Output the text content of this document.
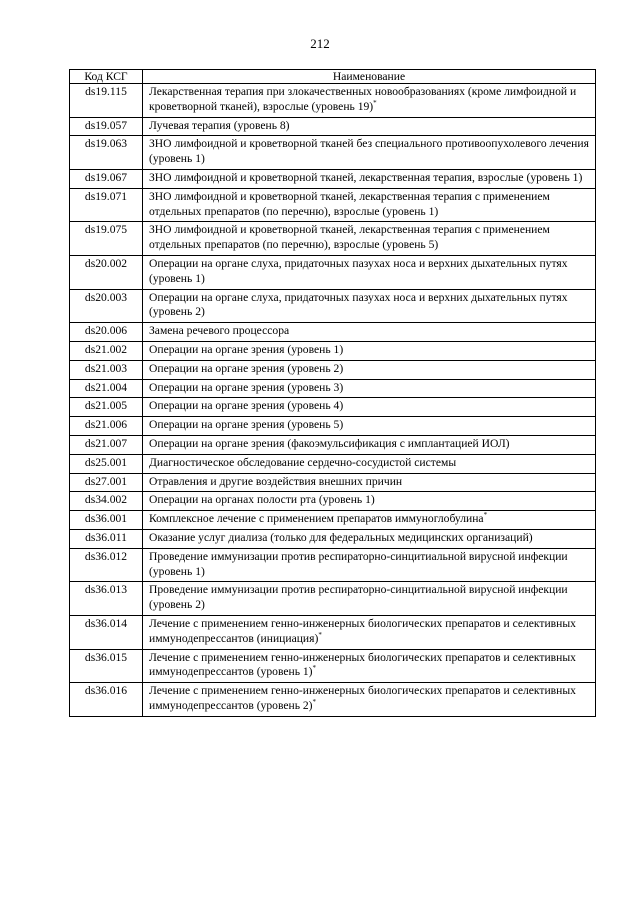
212
Код КСГ	Наименование
ds19.115	Лекарственная терапия при злокачественных новообразованиях (кроме лимфоидной и кроветворной тканей), взрослые (уровень 19)*
ds19.057	Лучевая терапия (уровень 8)
ds19.063	ЗНО лимфоидной и кроветворной тканей без специального противоопухолевого лечения (уровень 1)
ds19.067	ЗНО лимфоидной и кроветворной тканей, лекарственная терапия, взрослые (уровень 1)
ds19.071	ЗНО лимфоидной и кроветворной тканей, лекарственная терапия с применением отдельных препаратов (по перечню), взрослые (уровень 1)
ds19.075	ЗНО лимфоидной и кроветворной тканей, лекарственная терапия с применением отдельных препаратов (по перечню), взрослые (уровень 5)
ds20.002	Операции на органе слуха, придаточных пазухах носа и верхних дыхательных путях (уровень 1)
ds20.003	Операции на органе слуха, придаточных пазухах носа и верхних дыхательных путях (уровень 2)
ds20.006	Замена речевого процессора
ds21.002	Операции на органе зрения (уровень 1)
ds21.003	Операции на органе зрения (уровень 2)
ds21.004	Операции на органе зрения (уровень 3)
ds21.005	Операции на органе зрения (уровень 4)
ds21.006	Операции на органе зрения (уровень 5)
ds21.007	Операции на органе зрения (факоэмульсификация с имплантацией ИОЛ)
ds25.001	Диагностическое обследование сердечно-сосудистой системы
ds27.001	Отравления и другие воздействия внешних причин
ds34.002	Операции на органах полости рта (уровень 1)
ds36.001	Комплексное лечение с применением препаратов иммуноглобулина*
ds36.011	Оказание услуг диализа (только для федеральных медицинских организаций)
ds36.012	Проведение иммунизации против респираторно-синцитиальной вирусной инфекции (уровень 1)
ds36.013	Проведение иммунизации против респираторно-синцитиальной вирусной инфекции (уровень 2)
ds36.014	Лечение с применением генно-инженерных биологических препаратов и селективных иммунодепрессантов (инициация)*
ds36.015	Лечение с применением генно-инженерных биологических препаратов и селективных иммунодепрессантов (уровень 1)*
ds36.016	Лечение с применением генно-инженерных биологических препаратов и селективных иммунодепрессантов (уровень 2)*
